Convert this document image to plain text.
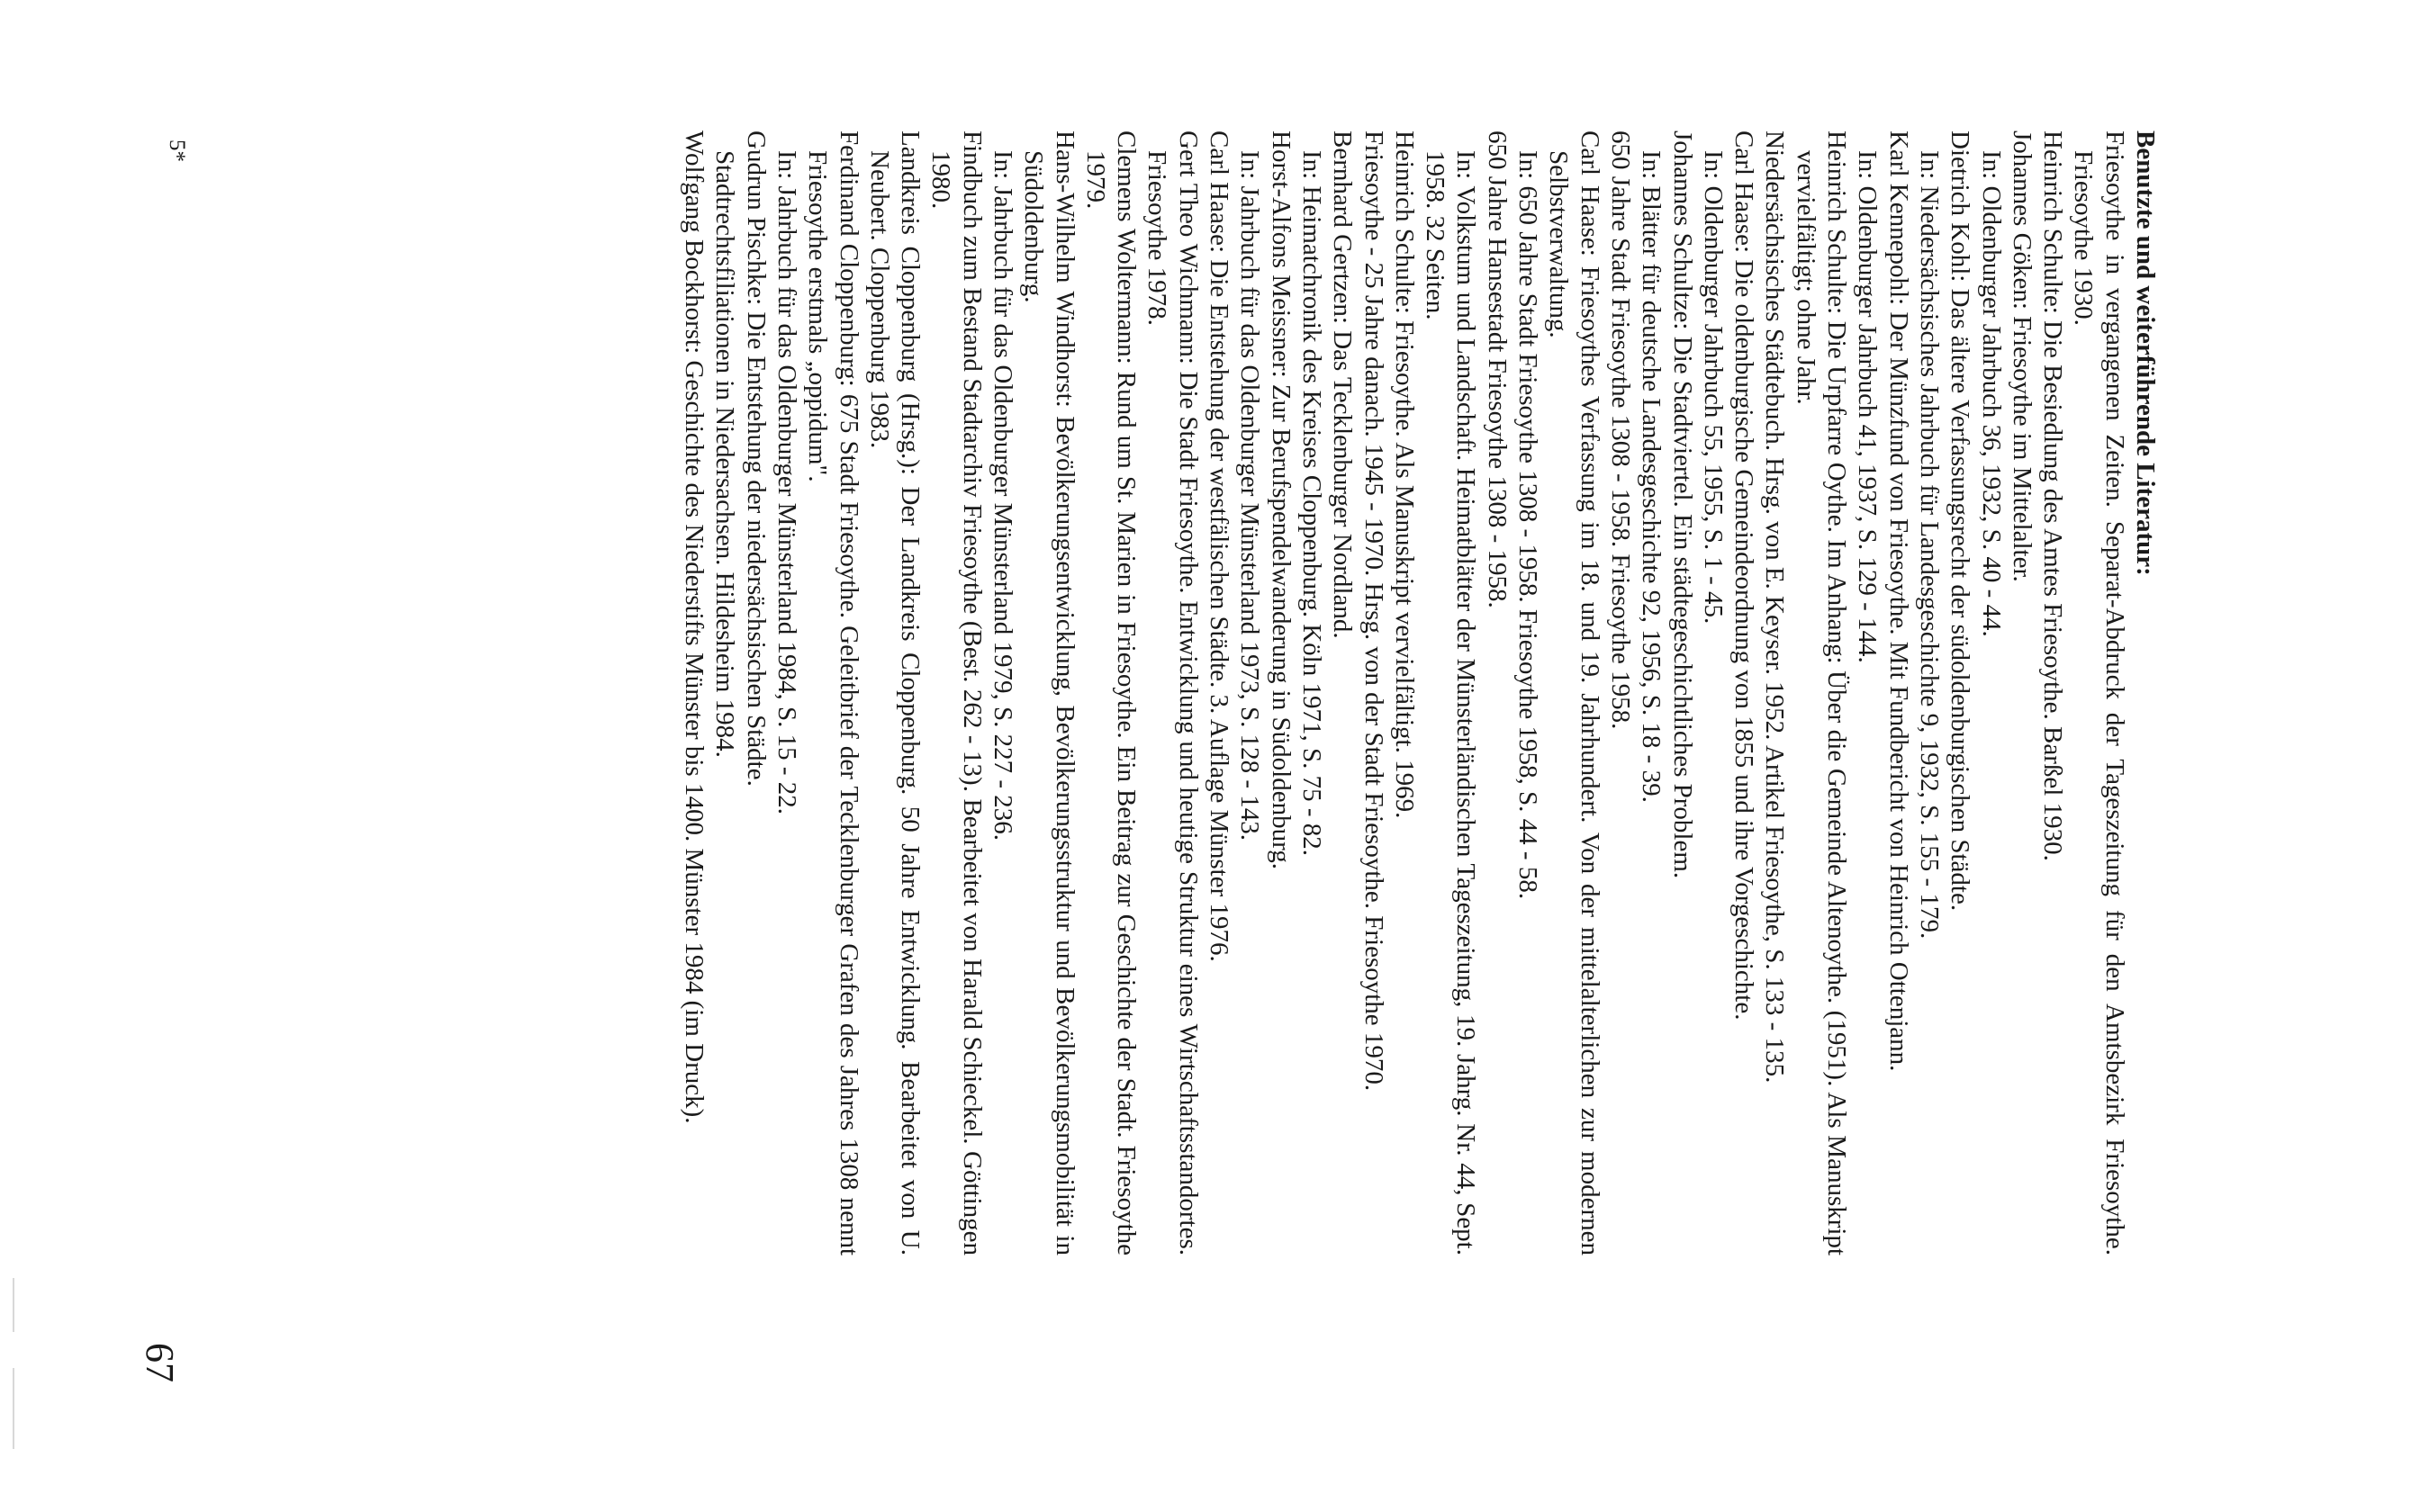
Benutzte und weiterführende Literatur:

Friesoythe in vergangenen Zeiten. Separat-Abdruck der Tageszeitung für den Amtsbezirk Friesoythe. Friesoythe 1930.

Heinrich Schulte: Die Besiedlung des Amtes Friesoythe. Barßel 1930.

Johannes Göken: Friesoythe im Mittelalter.

In: Oldenburger Jahrbuch 36, 1932, S. 40 - 44.

Dietrich Kohl: Das ältere Verfassungsrecht der südoldenburgischen Städte.

In: Niedersächsisches Jahrbuch für Landesgeschichte 9, 1932, S. 155 - 179.

Karl Kennepohl: Der Münzfund von Friesoythe. Mit Fundbericht von Heinrich Ottenjann.

In: Oldenburger Jahrbuch 41, 1937, S. 129 - 144.

Heinrich Schulte: Die Urpfarre Oythe. Im Anhang: Über die Gemeinde Altenoythe. (1951). Als Manuskript vervielfältigt; ohne Jahr.

Niedersächsisches Städtebuch. Hrsg. von E. Keyser. 1952. Artikel Friesoythe, S. 133 - 135.

Carl Haase: Die oldenburgische Gemeindeordnung von 1855 und ihre Vorgeschichte.

In: Oldenburger Jahrbuch 55, 1955, S. 1 - 45.

Johannes Schultze: Die Stadtviertel. Ein städtegeschichtliches Problem.

In: Blätter für deutsche Landesgeschichte 92, 1956, S. 18 - 39.

650 Jahre Stadt Friesoythe 1308 - 1958. Friesoythe 1958.

Carl Haase: Friesoythes Verfassung im 18. und 19. Jahrhundert. Von der mittelalterlichen zur modernen Selbstverwaltung.

In: 650 Jahre Stadt Friesoythe 1308 - 1958. Friesoythe 1958, S. 44 - 58.

650 Jahre Hansestadt Friesoythe 1308 - 1958.

In: Volkstum und Landschaft. Heimatblätter der Münsterländischen Tageszeitung, 19. Jahrg. Nr. 44, Sept. 1958. 32 Seiten.

Heinrich Schulte: Friesoythe. Als Manuskript vervielfältigt. 1969.

Friesoythe - 25 Jahre danach. 1945 - 1970. Hrsg. von der Stadt Friesoythe. Friesoythe 1970.

Bernhard Gertzen: Das Tecklenburger Nordland.

In: Heimatchronik des Kreises Cloppenburg. Köln 1971, S. 75 - 82.

Horst-Alfons Meissner: Zur Berufspendelwanderung in Südoldenburg.

In: Jahrbuch für das Oldenburger Münsterland 1973, S. 128 - 143.

Carl Haase: Die Entstehung der westfälischen Städte. 3. Auflage Münster 1976.

Gert Theo Wichmann: Die Stadt Friesoythe. Entwicklung und heutige Struktur eines Wirtschaftsstandortes. Friesoythe 1978.

Clemens Woltermann: Rund um St. Marien in Friesoythe. Ein Beitrag zur Geschichte der Stadt. Friesoythe 1979.

Hans-Wilhelm Windhorst: Bevölkerungsentwicklung, Bevölkerungsstruktur und Bevölkerungsmobilität in Südoldenburg.

In: Jahrbuch für das Oldenburger Münsterland 1979, S. 227 - 236.

Findbuch zum Bestand Stadtarchiv Friesoythe (Best. 262 - 13). Bearbeitet von Harald Schieckel. Göttingen 1980.

Landkreis Cloppenburg (Hrsg.): Der Landkreis Cloppenburg. 50 Jahre Entwicklung. Bearbeitet von U. Neubert. Cloppenburg 1983.

Ferdinand Cloppenburg: 675 Stadt Friesoythe. Geleitbrief der Tecklenburger Grafen des Jahres 1308 nennt Friesoythe erstmals „oppidum".

In: Jahrbuch für das Oldenburger Münsterland 1984, S. 15 - 22.

Gudrun Pischke: Die Entstehung der niedersächsischen Städte.

Stadtrechtsfiliationen in Niedersachsen. Hildesheim 1984.

Wolfgang Bockhorst: Geschichte des Niederstifts Münster bis 1400. Münster 1984 (im Druck).

67
5*
